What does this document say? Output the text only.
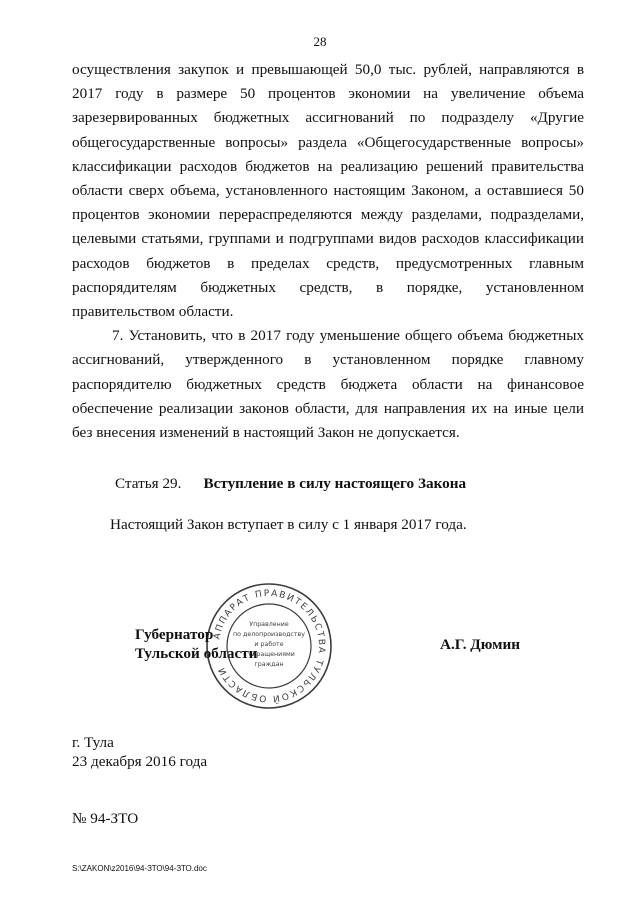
28

осуществления закупок и превышающей 50,0 тыс. рублей, направляются в 2017 году в размере 50 процентов экономии на увеличение объема зарезервированных бюджетных ассигнований по подразделу «Другие общегосударственные вопросы» раздела «Общегосударственные вопросы» классификации расходов бюджетов на реализацию решений правительства области сверх объема, установленного настоящим Законом, а оставшиеся 50 процентов экономии перераспределяются между разделами, подразделами, целевыми статьями, группами и подгруппами видов расходов классификации расходов бюджетов в пределах средств, предусмотренных главным распорядителям бюджетных средств, в порядке, установленном правительством области.

7. Установить, что в 2017 году уменьшение общего объема бюджетных ассигнований, утвержденного в установленном порядке главному распорядителю бюджетных средств бюджета области на финансовое обеспечение реализации законов области, для направления их на иные цели без внесения изменений в настоящий Закон не допускается.

Статья 29. Вступление в силу настоящего Закона
Настоящий Закон вступает в силу с 1 января 2017 года.
Губернатор
Тульской области
АППАРАТ ПРАВИТЕЛЬСТВА ТУЛЬСКОЙ ОБЛАСТИ
Управление
по делопроизводству
и работе
с обращениями
граждан
А.Г. Дюмин
г. Тула
23 декабря 2016 года
№ 94-ЗТО
S:\ZAKON\z2016\94-ЗТО\94-ЗТО.doc
